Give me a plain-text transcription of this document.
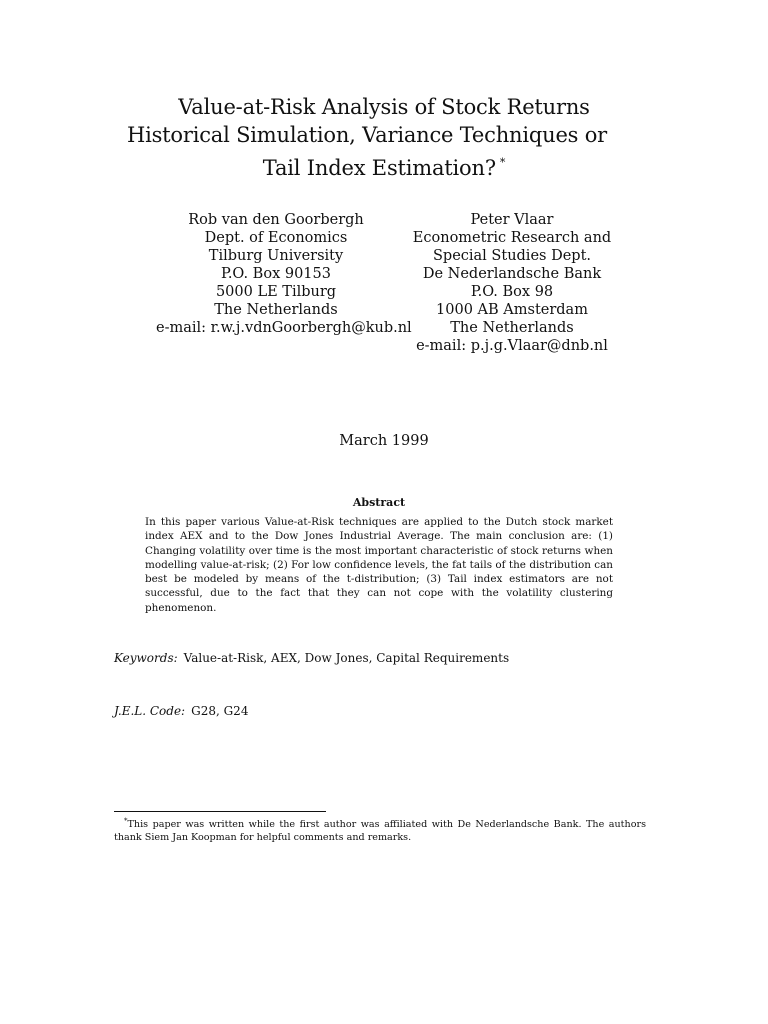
Value-at-Risk Analysis of Stock Returns
Historical Simulation, Variance Techniques or
Tail Index Estimation? *
Rob van den Goorbergh
Dept. of Economics
Tilburg University
P.O. Box 90153
5000 LE Tilburg
The Netherlands
e-mail: r.w.j.vdnGoorbergh@kub.nl
Peter Vlaar
Econometric Research and
Special Studies Dept.
De Nederlandsche Bank
P.O. Box 98
1000 AB Amsterdam
The Netherlands
e-mail: p.j.g.Vlaar@dnb.nl
March 1999
Abstract
In this paper various Value-at-Risk techniques are applied to the Dutch stock market index AEX and to the Dow Jones Industrial Average. The main conclusion are: (1) Changing volatility over time is the most important characteristic of stock returns when modelling value-at-risk; (2) For low confidence levels, the fat tails of the distribution can best be modeled by means of the t-distribution; (3) Tail index estimators are not successful, due to the fact that they can not cope with the volatility clustering phenomenon.
Keywords: Value-at-Risk, AEX, Dow Jones, Capital Requirements
J.E.L. Code: G28, G24
*This paper was written while the first author was affiliated with De Nederlandsche Bank. The authors thank Siem Jan Koopman for helpful comments and remarks.
